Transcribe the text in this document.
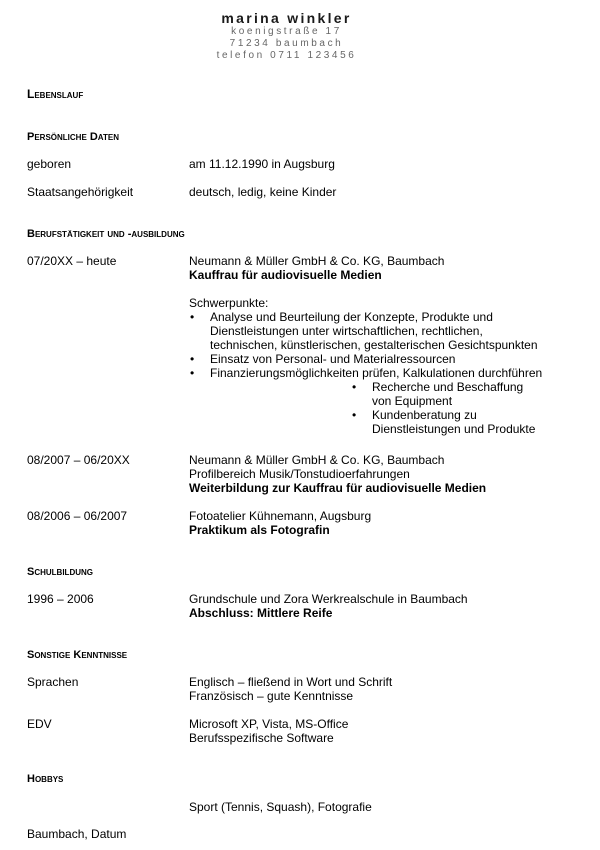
marina winkler
koenigstraße 17
71234 baumbach
telefon 0711 123456
Lebenslauf
Persönliche Daten
geboren	am 11.12.1990 in Augsburg
Staatsangehörigkeit	deutsch, ledig, keine Kinder
Berufstätigkeit und -ausbildung
07/20XX – heute	Neumann & Müller GmbH & Co. KG, Baumbach
Kauffrau für audiovisuelle Medien
Schwerpunkte:
• Analyse und Beurteilung der Konzepte, Produkte und
Dienstleistungen unter wirtschaftlichen, rechtlichen,
technischen, künstlerischen, gestalterischen Gesichtspunkten
• Einsatz von Personal- und Materialressourcen
• Finanzierungsmöglichkeiten prüfen, Kalkulationen durchführen
• Recherche und Beschaffung
von Equipment
• Kundenberatung zu
Dienstleistungen und Produkte
08/2007 – 06/20XX	Neumann & Müller GmbH & Co. KG, Baumbach
Profilbereich Musik/Tonstudioerfahrungen
Weiterbildung zur Kauffrau für audiovisuelle Medien
08/2006 – 06/2007	Fotoatelier Kühnemann, Augsburg
Praktikum als Fotografin
Schulbildung
1996 – 2006	Grundschule und Zora Werkrealschule in Baumbach
Abschluss: Mittlere Reife
Sonstige Kenntnisse
Sprachen	Englisch – fließend in Wort und Schrift
Französisch – gute Kenntnisse
EDV	Microsoft XP, Vista, MS-Office
Berufsspezifische Software
Hobbys
Sport (Tennis, Squash), Fotografie
Baumbach, Datum
